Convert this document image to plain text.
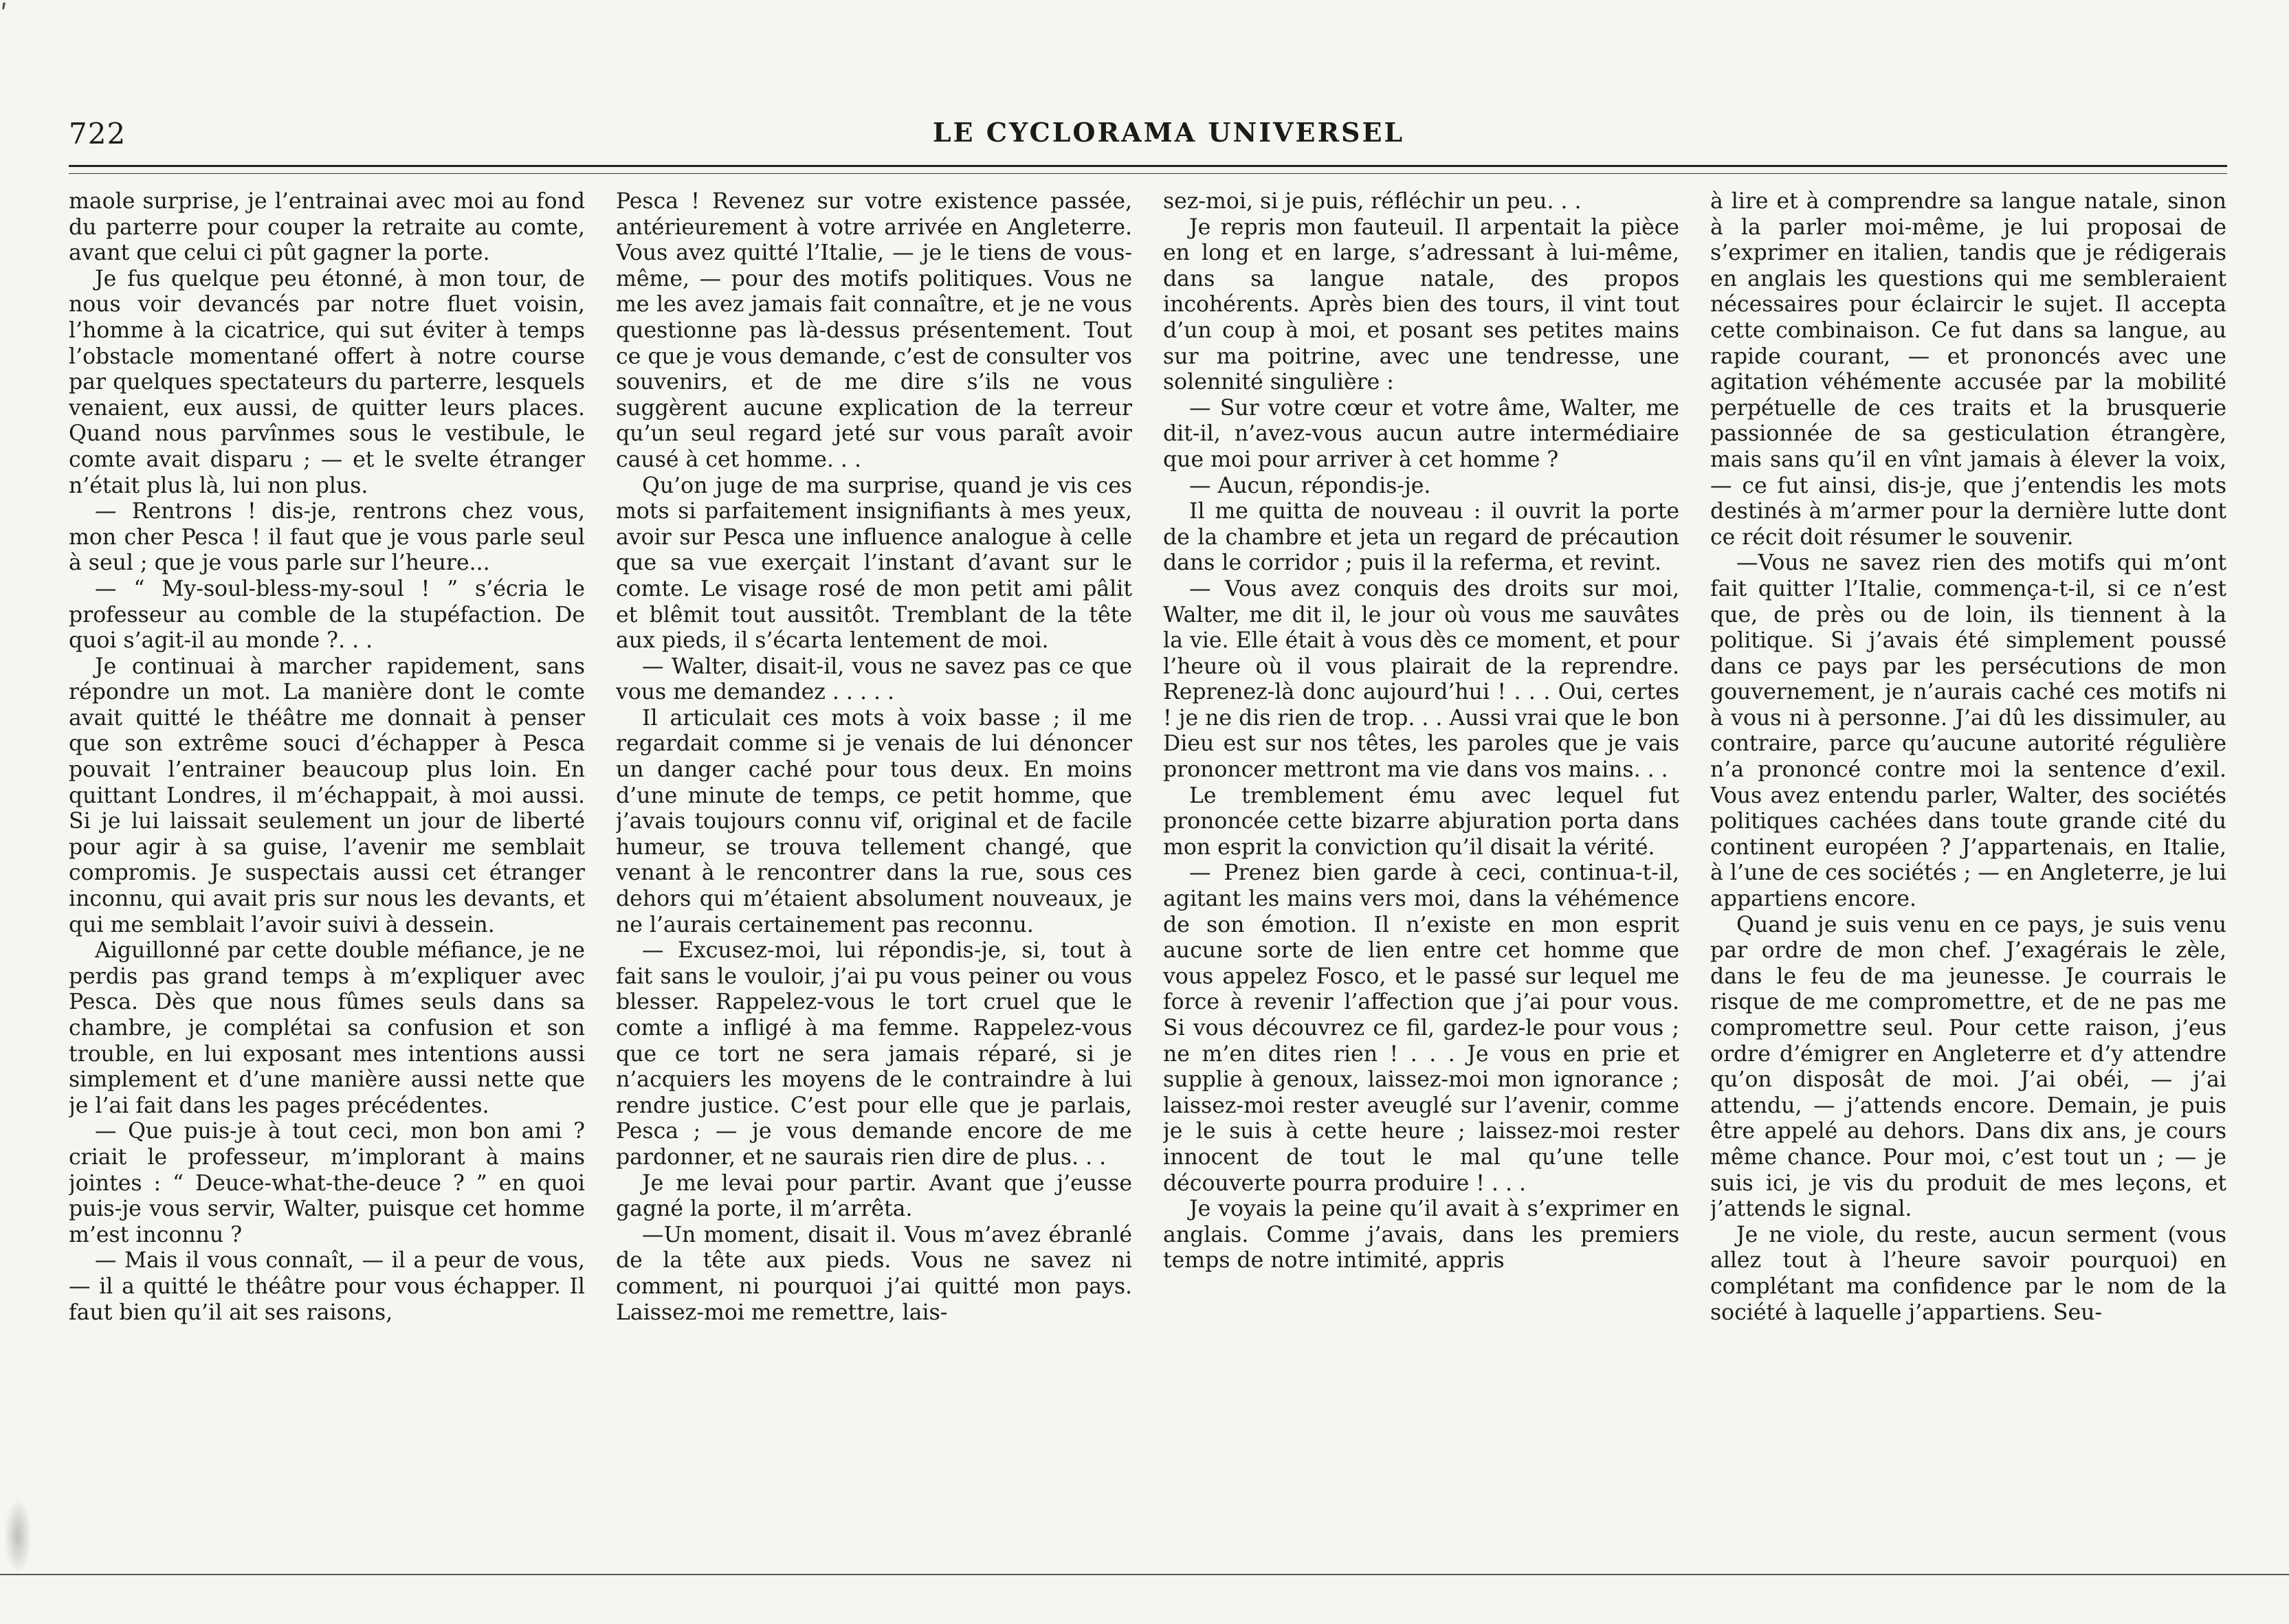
ʹ
722	LE CYCLORAMA UNIVERSEL

maole surprise, je l’entrainai avec moi au fond du parterre pour couper la retraite au comte, avant que celui ci pût gagner la porte.

Je fus quelque peu étonné, à mon tour, de nous voir devancés par notre fluet voisin, l’homme à la cicatrice, qui sut éviter à temps l’obstacle momentané offert à notre course par quelques spectateurs du parterre, lesquels venaient, eux aussi, de quitter leurs places. Quand nous parvînmes sous le vestibule, le comte avait disparu ; — et le svelte étranger n’était plus là, lui non plus.

— Rentrons ! dis-je, rentrons chez vous, mon cher Pesca ! il faut que je vous parle seul à seul ; que je vous parle sur l’heure...

— “ My-soul-bless-my-soul ! ” s’écria le professeur au comble de la stupéfaction. De quoi s’agit-il au monde ?. . .

Je continuai à marcher rapidement, sans répondre un mot. La manière dont le comte avait quitté le théâtre me donnait à penser que son extrême souci d’échapper à Pesca pouvait l’entrainer beaucoup plus loin. En quittant Londres, il m’échappait, à moi aussi. Si je lui laissait seulement un jour de liberté pour agir à sa guise, l’avenir me semblait compromis. Je suspectais aussi cet étranger inconnu, qui avait pris sur nous les devants, et qui me semblait l’avoir suivi à dessein.

Aiguillonné par cette double méfiance, je ne perdis pas grand temps à m’expliquer avec Pesca. Dès que nous fûmes seuls dans sa chambre, je complétai sa confusion et son trouble, en lui exposant mes intentions aussi simplement et d’une manière aussi nette que je l’ai fait dans les pages précédentes.

— Que puis-je à tout ceci, mon bon ami ? criait le professeur, m’implorant à mains jointes : “ Deuce-what-the-deuce ? ” en quoi puis-je vous servir, Walter, puisque cet homme m’est inconnu ?

— Mais il vous connaît, — il a peur de vous, — il a quitté le théâtre pour vous échapper. Il faut bien qu’il ait ses raisons,

Pesca ! Revenez sur votre existence passée, antérieurement à votre arrivée en Angleterre. Vous avez quitté l’Italie, — je le tiens de vous-même, — pour des motifs politiques. Vous ne me les avez jamais fait connaître, et je ne vous questionne pas là-dessus présentement. Tout ce que je vous demande, c’est de consulter vos souvenirs, et de me dire s’ils ne vous suggèrent aucune explication de la terreur qu’un seul regard jeté sur vous paraît avoir causé à cet homme. . .

Qu’on juge de ma surprise, quand je vis ces mots si parfaitement insignifiants à mes yeux, avoir sur Pesca une influence analogue à celle que sa vue exerçait l’instant d’avant sur le comte. Le visage rosé de mon petit ami pâlit et blêmit tout aussitôt. Tremblant de la tête aux pieds, il s’écarta lentement de moi.

— Walter, disait-il, vous ne savez pas ce que vous me demandez . . . . .

Il articulait ces mots à voix basse ; il me regardait comme si je venais de lui dénoncer un danger caché pour tous deux. En moins d’une minute de temps, ce petit homme, que j’avais toujours connu vif, original et de facile humeur, se trouva tellement changé, que venant à le rencontrer dans la rue, sous ces dehors qui m’étaient absolument nouveaux, je ne l’aurais certainement pas reconnu.

— Excusez-moi, lui répondis-je, si, tout à fait sans le vouloir, j’ai pu vous peiner ou vous blesser. Rappelez-vous le tort cruel que le comte a infligé à ma femme. Rappelez-vous que ce tort ne sera jamais réparé, si je n’acquiers les moyens de le contraindre à lui rendre justice. C’est pour elle que je parlais, Pesca ; — je vous demande encore de me pardonner, et ne saurais rien dire de plus. . .

Je me levai pour partir. Avant que j’eusse gagné la porte, il m’arrêta.

—Un moment, disait il. Vous m’avez ébranlé de la tête aux pieds. Vous ne savez ni comment, ni pourquoi j’ai quitté mon pays. Laissez-moi me remettre, lais-

sez-moi, si je puis, réfléchir un peu. . .

Je repris mon fauteuil. Il arpentait la pièce en long et en large, s’adressant à lui-même, dans sa langue natale, des propos incohérents. Après bien des tours, il vint tout d’un coup à moi, et posant ses petites mains sur ma poitrine, avec une tendresse, une solennité singulière :

— Sur votre cœur et votre âme, Walter, me dit-il, n’avez-vous aucun autre intermédiaire que moi pour arriver à cet homme ?

— Aucun, répondis-je.

Il me quitta de nouveau : il ouvrit la porte de la chambre et jeta un regard de précaution dans le corridor ; puis il la referma, et revint.

— Vous avez conquis des droits sur moi, Walter, me dit il, le jour où vous me sauvâtes la vie. Elle était à vous dès ce moment, et pour l’heure où il vous plairait de la reprendre. Reprenez-là donc aujourd’hui ! . . . Oui, certes ! je ne dis rien de trop. . . Aussi vrai que le bon Dieu est sur nos têtes, les paroles que je vais prononcer mettront ma vie dans vos mains. . .

Le tremblement ému avec lequel fut prononcée cette bizarre abjuration porta dans mon esprit la conviction qu’il disait la vérité.

— Prenez bien garde à ceci, continua-t-il, agitant les mains vers moi, dans la véhémence de son émotion. Il n’existe en mon esprit aucune sorte de lien entre cet homme que vous appelez Fosco, et le passé sur lequel me force à revenir l’affection que j’ai pour vous. Si vous découvrez ce fil, gardez-le pour vous ; ne m’en dites rien ! . . . Je vous en prie et supplie à genoux, laissez-moi mon ignorance ; laissez-moi rester aveuglé sur l’avenir, comme je le suis à cette heure ; laissez-moi rester innocent de tout le mal qu’une telle découverte pourra produire ! . . .

Je voyais la peine qu’il avait à s’exprimer en anglais. Comme j’avais, dans les premiers temps de notre intimité, appris

à lire et à comprendre sa langue natale, sinon à la parler moi-même, je lui proposai de s’exprimer en italien, tandis que je rédigerais en anglais les questions qui me sembleraient nécessaires pour éclaircir le sujet. Il accepta cette combinaison. Ce fut dans sa langue, au rapide courant, — et prononcés avec une agitation véhémente accusée par la mobilité perpétuelle de ces traits et la brusquerie passionnée de sa gesticulation étrangère, mais sans qu’il en vînt jamais à élever la voix, — ce fut ainsi, dis-je, que j’entendis les mots destinés à m’armer pour la dernière lutte dont ce récit doit résumer le souvenir.

—Vous ne savez rien des motifs qui m’ont fait quitter l’Italie, commença-t-il, si ce n’est que, de près ou de loin, ils tiennent à la politique. Si j’avais été simplement poussé dans ce pays par les persécutions de mon gouvernement, je n’aurais caché ces motifs ni à vous ni à personne. J’ai dû les dissimuler, au contraire, parce qu’aucune autorité régulière n’a prononcé contre moi la sentence d’exil. Vous avez entendu parler, Walter, des sociétés politiques cachées dans toute grande cité du continent européen ? J’appartenais, en Italie, à l’une de ces sociétés ; — en Angleterre, je lui appartiens encore.

Quand je suis venu en ce pays, je suis venu par ordre de mon chef. J’exagérais le zèle, dans le feu de ma jeunesse. Je courrais le risque de me compromettre, et de ne pas me compromettre seul. Pour cette raison, j’eus ordre d’émigrer en Angleterre et d’y attendre qu’on disposât de moi. J’ai obéi, — j’ai attendu, — j’attends encore. Demain, je puis être appelé au dehors. Dans dix ans, je cours même chance. Pour moi, c’est tout un ; — je suis ici, je vis du produit de mes leçons, et j’attends le signal.

Je ne viole, du reste, aucun serment (vous allez tout à l’heure savoir pourquoi) en complétant ma confidence par le nom de la société à laquelle j’appartiens. Seu-
